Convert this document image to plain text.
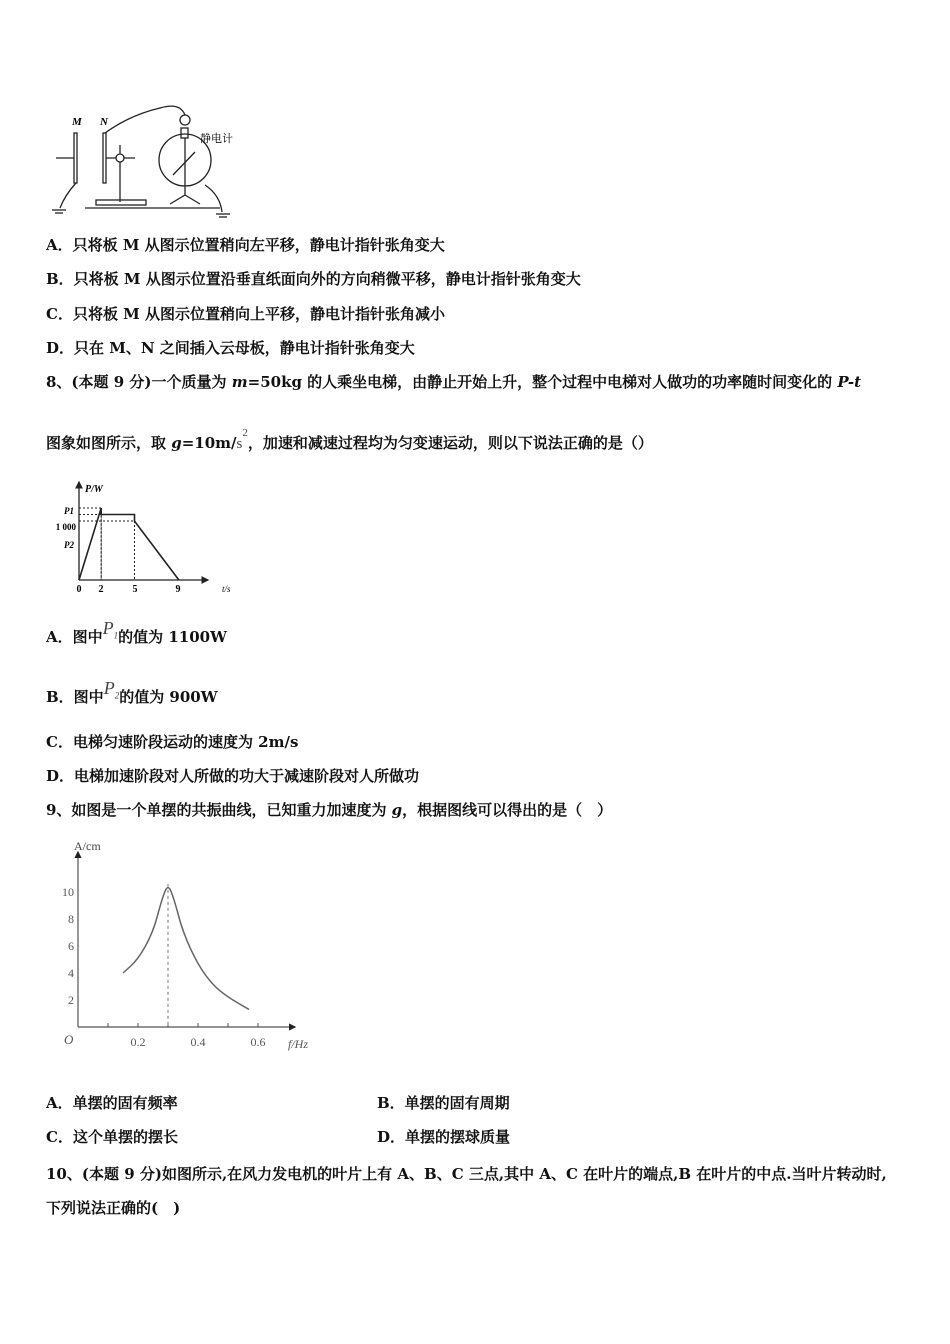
M N
静电计
A．只将板 M 从图示位置稍向左平移，静电计指针张角变大
B．只将板 M 从图示位置沿垂直纸面向外的方向稍微平移，静电计指针张角变大
C．只将板 M 从图示位置稍向上平移，静电计指针张角减小
D．只在 M、N 之间插入云母板，静电计指针张角变大
8、(本题 9 分)一个质量为 m=50kg 的人乘坐电梯，由静止开始上升，整个过程中电梯对人做功的功率随时间变化的 P-t
图象如图所示，取 $g=10m/s^2$，加速和减速过程均为匀变速运动，则以下说法正确的是（）
P/W
t/s
P1
1 000
P2
0 2	5	9
A．图中$P_1$的值为 1100W
B．图中$P_2$的值为 900W
C．电梯匀速阶段运动的速度为 2m/s
D．电梯加速阶段对人所做的功大于减速阶段对人所做功
9、如图是一个单摆的共振曲线，已知重力加速度为 g，根据图线可以得出的是（　）
A/cm
f/Hz
O	0.2	0.4	0.6
2
4
6
8
10
A．单摆的固有频率	B．单摆的固有周期
C．这个单摆的摆长	D．单摆的摆球质量
10、(本题 9 分)如图所示,在风力发电机的叶片上有 A、B、C 三点,其中 A、C 在叶片的端点,B 在叶片的中点.当叶片转动时,
下列说法正确的(　)
